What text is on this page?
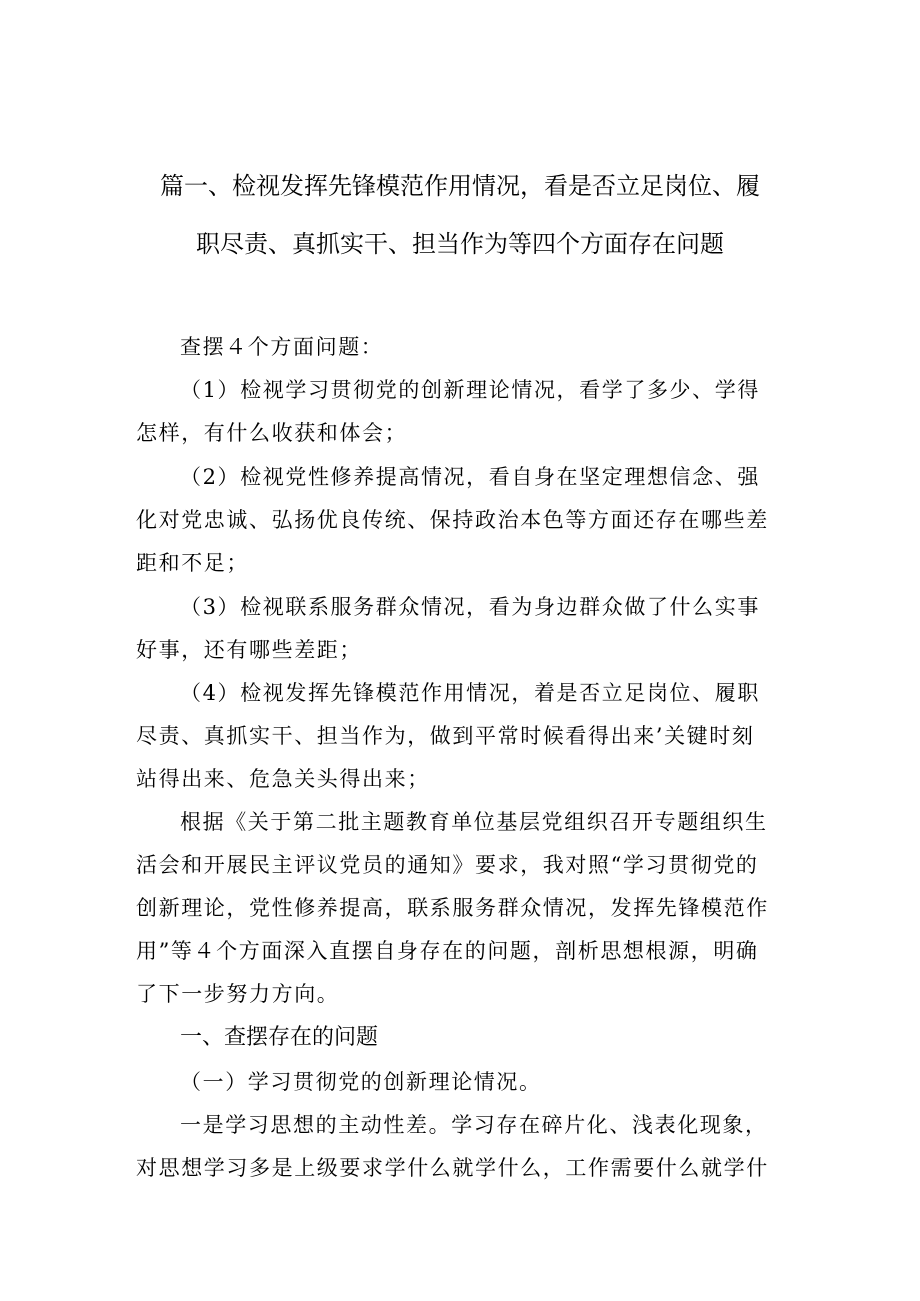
篇一、检视发挥先锋模范作用情况，看是否立足岗位、履
职尽责、真抓实干、担当作为等四个方面存在问题
查摆４个方面问题：
（1）检视学习贯彻党的创新理论情况，看学了多少、学得
怎样，有什么收获和体会；
（2）检视党性修养提高情况，看自身在坚定理想信念、强
化对党忠诚、弘扬优良传统、保持政治本色等方面还存在哪些差
距和不足；
（3）检视联系服务群众情况，看为身边群众做了什么实事
好事，还有哪些差距；
（4）检视发挥先锋模范作用情况，着是否立足岗位、履职
尽责、真抓实干、担当作为，做到平常时候看得出来’关键时刻
站得出来、危急关头得出来；
根据《关于第二批主题教育单位基层党组织召开专题组织生
活会和开展民主评议党员的通知》要求，我对照“学习贯彻党的
创新理论，党性修养提高，联系服务群众情况，发挥先锋模范作
用”等４个方面深入直摆自身存在的问题，剖析思想根源，明确
了下一步努力方向。
一、查摆存在的问题
（一）学习贯彻党的创新理论情况。
一是学习思想的主动性差。学习存在碎片化、浅表化现象，
对思想学习多是上级要求学什么就学什么，工作需要什么就学什
